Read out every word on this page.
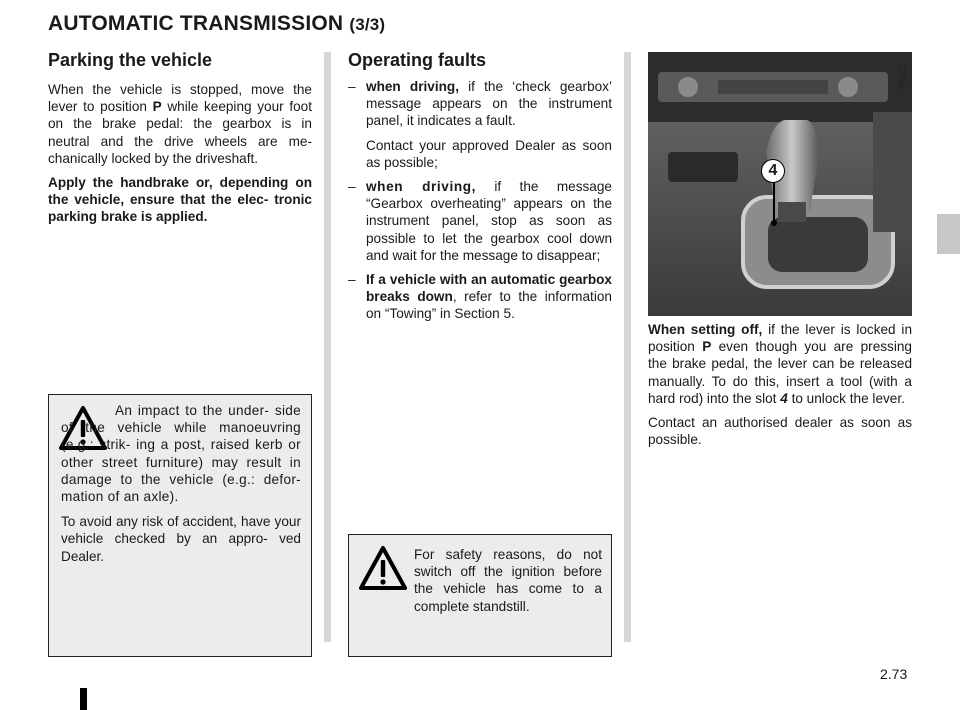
AUTOMATIC TRANSMISSION (3/3)
Parking the vehicle

When the vehicle is stopped, move the lever to position P while keeping your foot on the brake pedal: the gearbox is in neutral and the drive wheels are me- chanically locked by the driveshaft.

Apply the handbrake or, depending on the vehicle, ensure that the elec- tronic parking brake is applied.

An impact to the under- side of the vehicle while manoeuvring (e.g.: strik- ing a post, raised kerb or other street furniture) may result in damage to the vehicle (e.g.: defor- mation of an axle).

To avoid any risk of accident, have your vehicle checked by an appro- ved Dealer.

Operating faults
– when driving, if the ‘check gearbox’ message appears on the instrument panel, it indicates a fault.

Contact your approved Dealer as soon as possible;

– when driving, if the message “Gearbox overheating” appears on the instrument panel, stop as soon as possible to let the gearbox cool down and wait for the message to disappear;

– If a vehicle with an automatic gearbox breaks down, refer to the information on “Towing” in Section 5.

For safety reasons, do not switch off the ignition before the vehicle has come to a complete standstill.

40021
4

When setting off, if the lever is locked in position P even though you are pressing the brake pedal, the lever can be released manually. To do this, insert a tool (with a hard rod) into the slot 4 to unlock the lever.

Contact an authorised dealer as soon as possible.

2.73
